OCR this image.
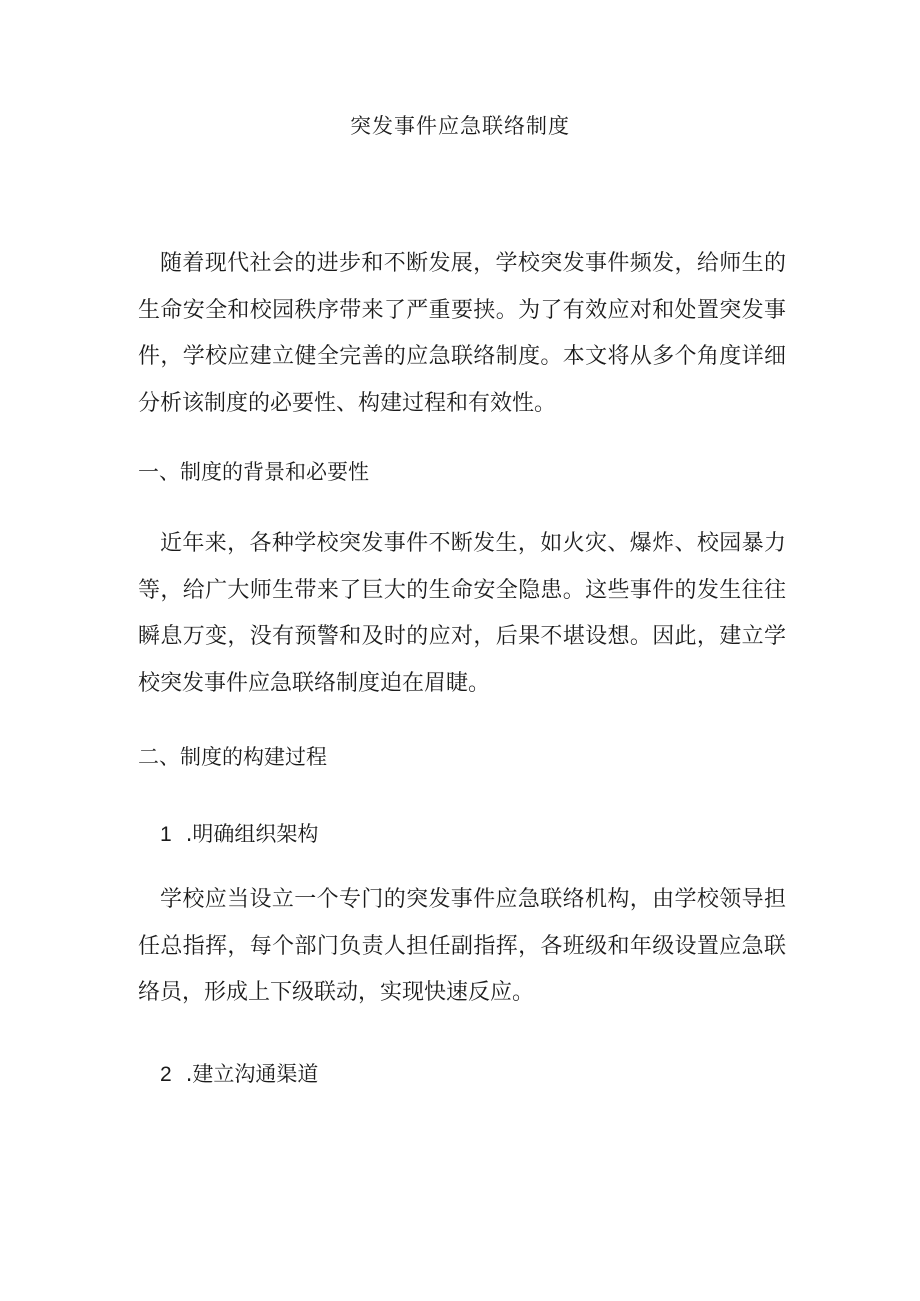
突发事件应急联络制度

随着现代社会的进步和不断发展，学校突发事件频发，给师生的生命安全和校园秩序带来了严重要挟。为了有效应对和处置突发事件，学校应建立健全完善的应急联络制度。本文将从多个角度详细分析该制度的必要性、构建过程和有效性。

一、制度的背景和必要性

近年来，各种学校突发事件不断发生，如火灾、爆炸、校园暴力等，给广大师生带来了巨大的生命安全隐患。这些事件的发生往往瞬息万变，没有预警和及时的应对，后果不堪设想。因此，建立学校突发事件应急联络制度迫在眉睫。

二、制度的构建过程
1 .明确组织架构

学校应当设立一个专门的突发事件应急联络机构，由学校领导担任总指挥，每个部门负责人担任副指挥，各班级和年级设置应急联络员，形成上下级联动，实现快速反应。

2 .建立沟通渠道
